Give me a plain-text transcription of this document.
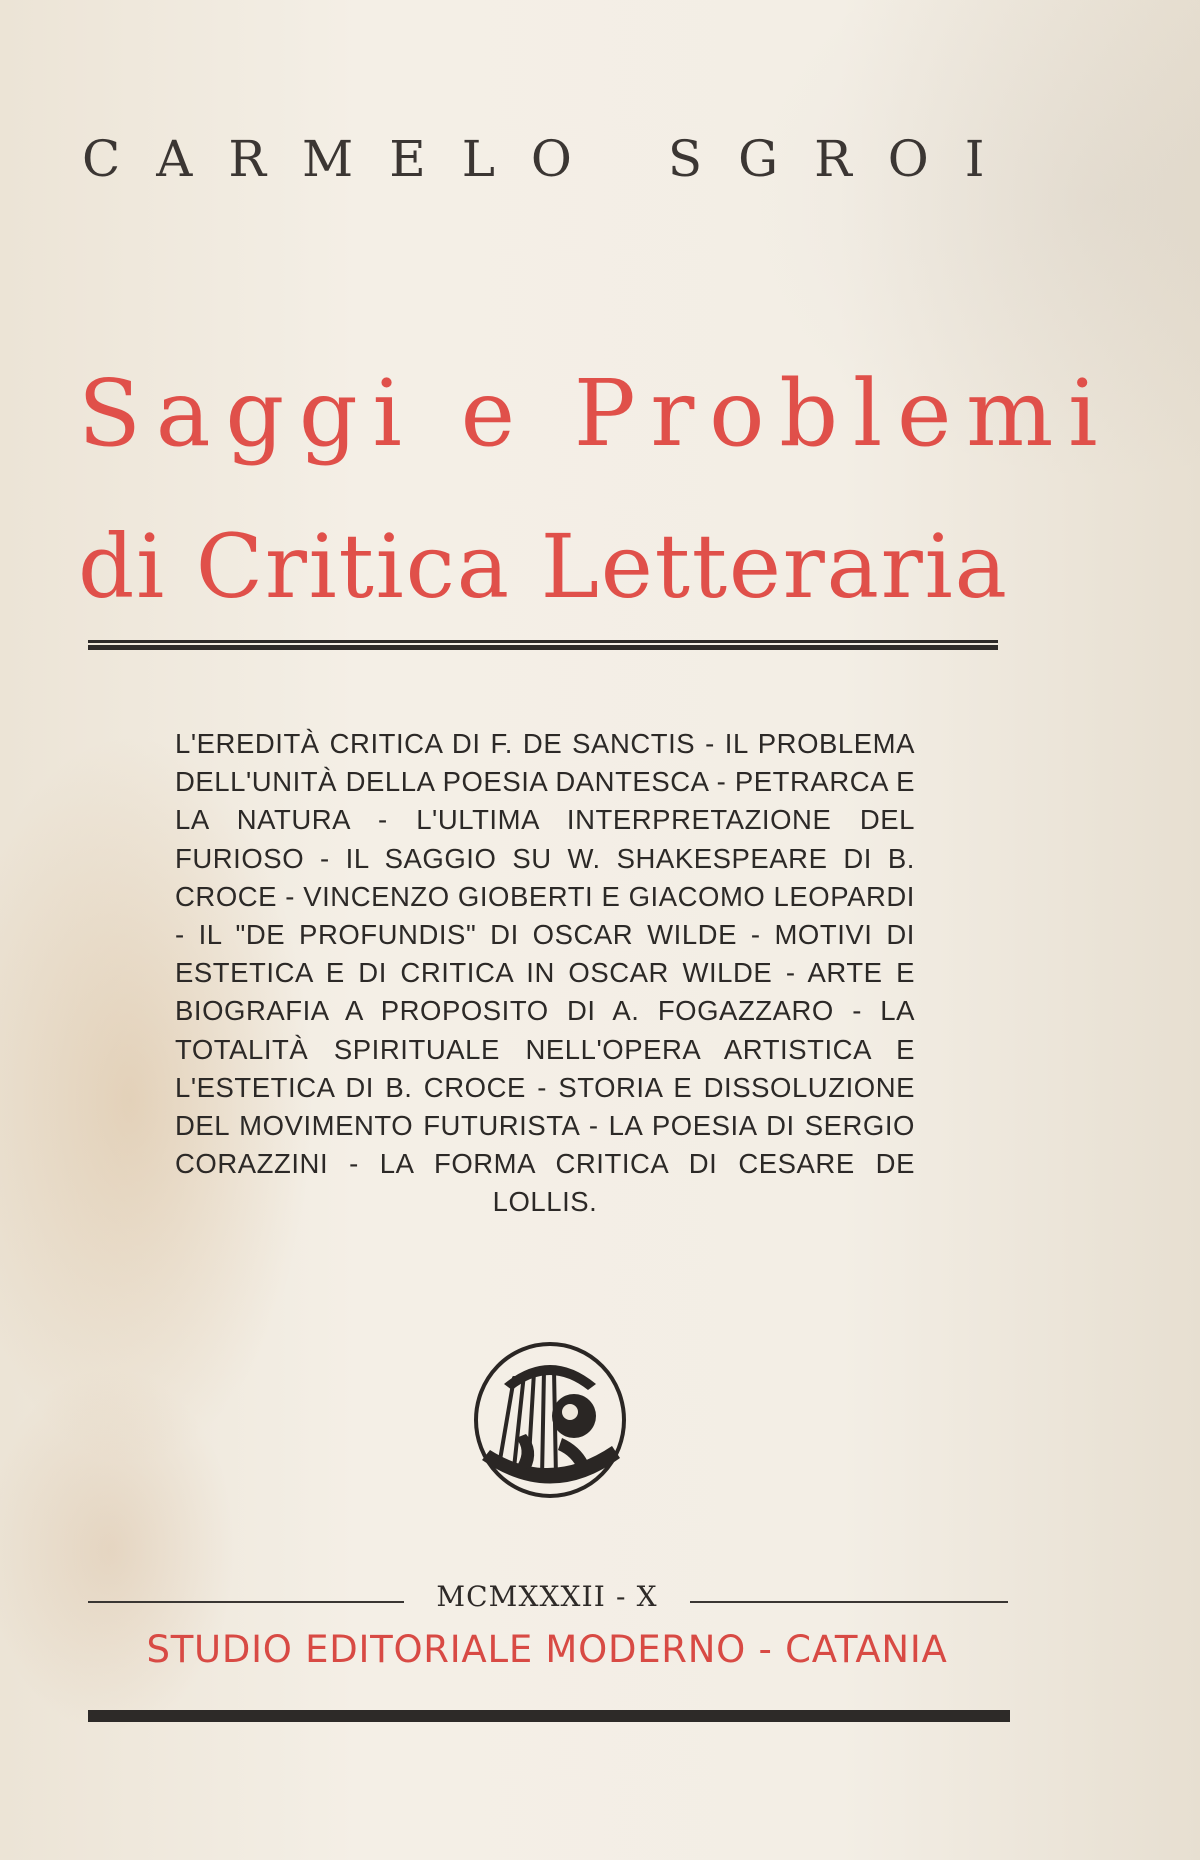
CARMELO SGROI
Saggi e Problemi
di Critica Letteraria
L'EREDITÀ CRITICA DI F. DE SANCTIS - IL PROBLEMA DELL'UNITÀ DELLA POESIA DANTESCA - PETRARCA E LA NATURA - L'ULTIMA INTERPRETAZIONE DEL FURIOSO - IL SAGGIO SU W. SHAKESPEARE DI B. CROCE - VINCENZO GIOBERTI E GIACOMO LEOPARDI - IL "DE PROFUNDIS" DI OSCAR WILDE - MOTIVI DI ESTETICA E DI CRITICA IN OSCAR WILDE - ARTE E BIOGRAFIA A PROPOSITO DI A. FOGAZZARO - LA TOTALITÀ SPIRITUALE NELL'OPERA ARTISTICA E L'ESTETICA DI B. CROCE - STORIA E DISSOLUZIONE DEL MOVIMENTO FUTURISTA - LA POESIA DI SERGIO CORAZZINI - LA FORMA CRITICA DI CESARE DE LOLLIS.
MCMXXXII - X
STUDIO EDITORIALE MODERNO - CATANIA
